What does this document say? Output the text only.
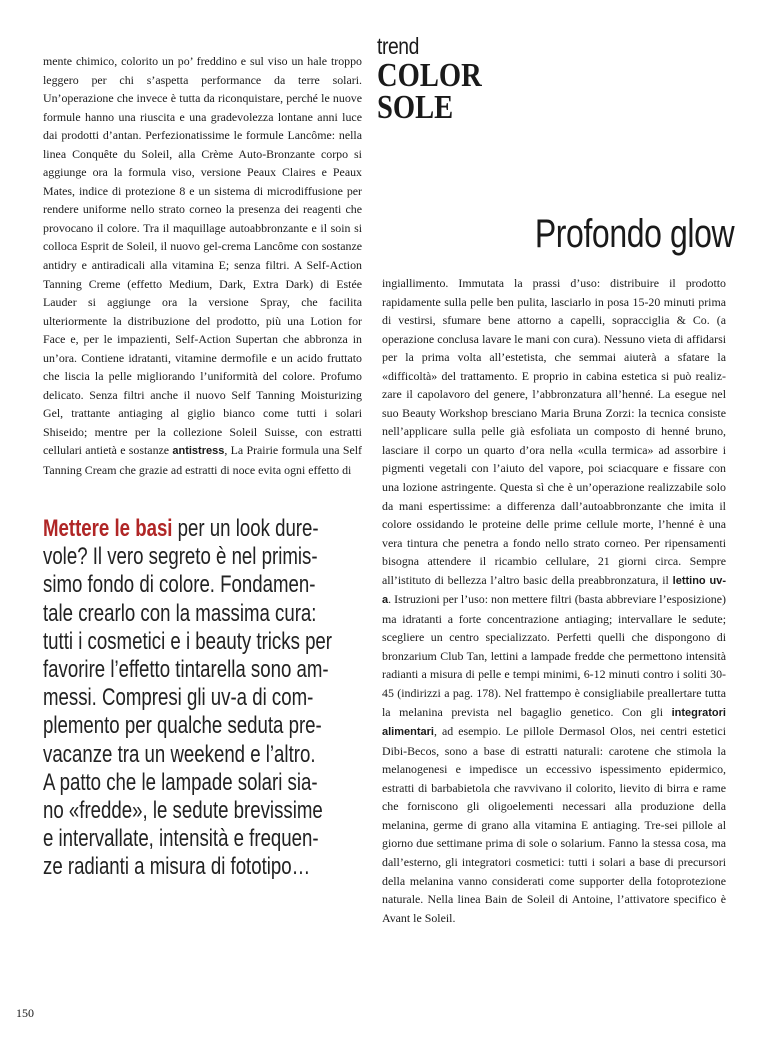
trend
COLOR
SOLE
Profondo glow
mente chimico, colorito un po’ freddino e sul viso un hale troppo leggero per chi s’aspetta performance da terre solari. Un’operazione che invece è tutta da riconquistare, perché le nuove formule hanno una riuscita e una gradevolezza lontane anni luce dai prodotti d’antan. Perfezionatissime le formule Lancôme: nella linea Conquête du Soleil, alla Crème Auto-Bronzante corpo si aggiunge ora la formula viso, versione Peaux Claires e Peaux Mates, indice di protezione 8 e un sistema di microdiffusione per rendere uniforme nello strato corneo la presenza dei reagenti che provocano il colore. Tra il maquillage autoabbronzante e il soin si colloca Esprit de Soleil, il nuovo gel-crema Lancôme con sostanze antidry e antiradicali alla vitamina E; senza filtri. A Self-Action Tanning Creme (effetto Medium, Dark, Extra Dark) di Estée Lauder si aggiunge ora la versione Spray, che facilita ulteriormente la distribuzione del prodotto, più una Lotion for Face e, per le impazienti, Self-Action Supertan che abbronza in un’ora. Contiene idratanti, vitamine dermofile e un acido fruttato che liscia la pelle migliorando l’uniformità del colore. Profumo delicato. Senza filtri anche il nuovo Self Tanning Moisturizing Gel, trattante antiaging al giglio bianco come tutti i solari Shiseido; mentre per la collezione Soleil Suisse, con estratti cellulari antietà e sostanze antistress, La Prairie formula una Self Tanning Cream che grazie ad estratti di noce evita ogni effetto di
Mettere le basi per un look dure-
vole? Il vero segreto è nel primis-
simo fondo di colore. Fondamen-
tale crearlo con la massima cura:
tutti i cosmetici e i beauty tricks per
favorire l’effetto tintarella sono am-
messi. Compresi gli uv-a di com-
plemento per qualche seduta pre-
vacanze tra un weekend e l’altro.
A patto che le lampade solari sia-
no «fredde», le sedute brevissime
e intervallate, intensità e frequen-
ze radianti a misura di fototipo…
ingiallimento. Immutata la prassi d’uso: distribuire il prodotto rapidamente sulla pelle ben pulita, lasciarlo in posa 15-20 minuti prima di vestirsi, sfumare bene attorno a capelli, sopracciglia & Co. (a operazione conclusa lavare le mani con cura). Nessuno vieta di affidarsi per la prima volta all’estetista, che semmai aiuterà a sfatare la «difficoltà» del trattamento. E proprio in cabina estetica si può realizzare il capolavoro del genere, l’abbronzatura all’henné. La esegue nel suo Beauty Workshop bresciano Maria Bruna Zorzi: la tecnica consiste nell’applicare sulla pelle già esfoliata un composto di henné bruno, lasciare il corpo un quarto d’ora nella «culla termica» ad assorbire i pigmenti vegetali con l’aiuto del vapore, poi sciacquare e fissare con una lozione astringente. Questa sì che è un’operazione realizzabile solo da mani espertissime: a differenza dall’autoabbronzante che imita il colore ossidando le proteine delle prime cellule morte, l’henné è una vera tintura che penetra a fondo nello strato corneo. Per ripensamenti bisogna attendere il ricambio cellulare, 21 giorni circa. Sempre all’istituto di bellezza l’altro basic della preabbronzatura, il lettino uv-a. Istruzioni per l’uso: non mettere filtri (basta abbreviare l’esposizione) ma idratanti a forte concentrazione antiaging; intervallare le sedute; scegliere un centro specializzato. Perfetti quelli che dispongono di bronzarium Club Tan, lettini a lampade fredde che permettono intensità radianti a misura di pelle e tempi minimi, 6-12 minuti contro i soliti 30-45 (indirizzi a pag. 178). Nel frattempo è consigliabile preallertare tutta la melanina prevista nel bagaglio genetico. Con gli integratori alimentari, ad esempio. Le pillole Dermasol Olos, nei centri estetici Dibi-Becos, sono a base di estratti naturali: carotene che stimola la melanogenesi e impedisce un eccessivo ispessimento epidermico, estratti di barbabietola che ravvivano il colorito, lievito di birra e rame che forniscono gli oligoelementi necessari alla produzione della melanina, germe di grano alla vitamina E antiaging. Tre-sei pillole al giorno due settimane prima di sole o solarium. Fanno la stessa cosa, ma dall’esterno, gli integratori cosmetici: tutti i solari a base di precursori della melanina vanno considerati come supporter della fotoprotezione naturale. Nella linea Bain de Soleil di Antoine, l’attivatore specifico è Avant le Soleil.
150
